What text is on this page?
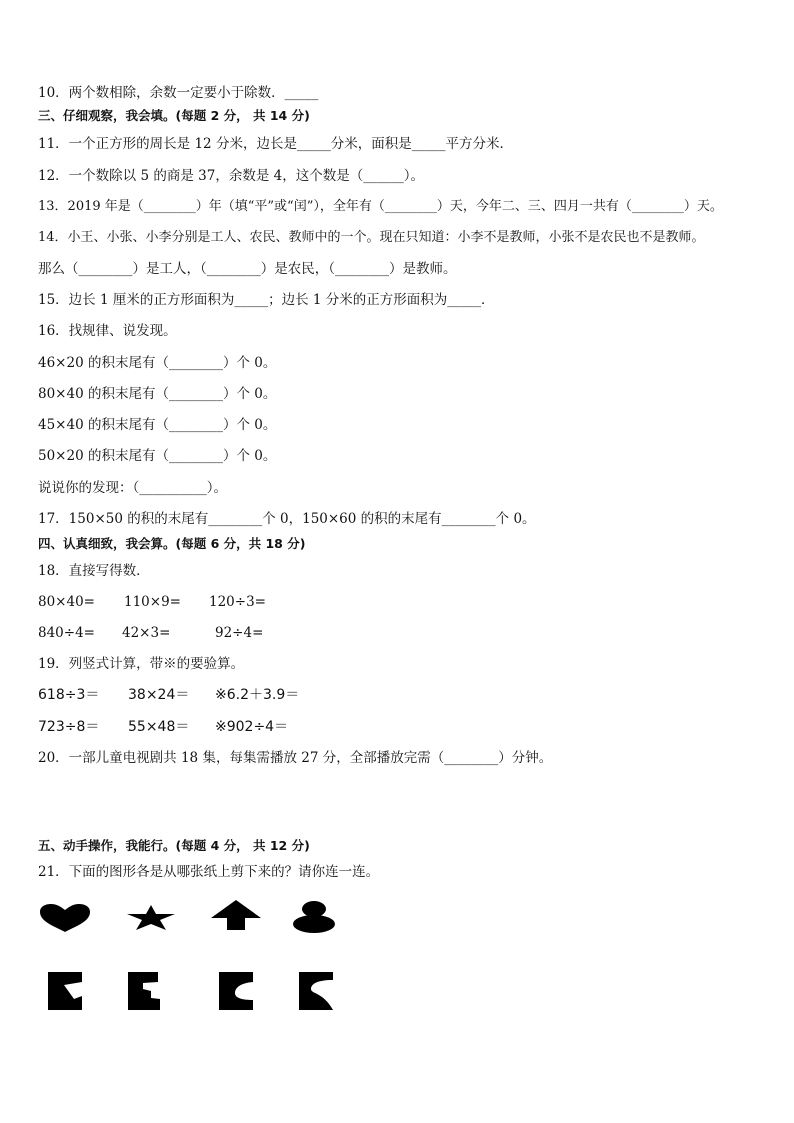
10．两个数相除，余数一定要小于除数．_____
三、仔细观察，我会填。(每题 2 分， 共 14 分)
11．一个正方形的周长是 12 分米，边长是_____分米，面积是_____平方分米．
12．一个数除以 5 的商是 37，余数是 4，这个数是（______）。
13．2019 年是（________）年（填“平”或“闰”），全年有（________）天，今年二、三、四月一共有（________）天。
14．小王、小张、小李分别是工人、农民、教师中的一个。现在只知道：小李不是教师，小张不是农民也不是教师。
那么（________）是工人，（________）是农民，（________）是教师。
15．边长 1 厘米的正方形面积为_____；边长 1 分米的正方形面积为_____．
16．找规律、说发现。
46×20 的积末尾有（________）个 0。
80×40 的积末尾有（________）个 0。
45×40 的积末尾有（________）个 0。
50×20 的积末尾有（________）个 0。
说说你的发现：（__________）。
17．150×50 的积的末尾有________个 0，150×60 的积的末尾有________个 0。
四、认真细致，我会算。(每题 6 分，共 18 分)
18．直接写得数．
80×40= 110×9= 120÷3=
840÷4= 42×3=	92÷4=
19．列竖式计算，带※的要验算。
618÷3＝ 38×24＝ ※6.2＋3.9＝
723÷8＝ 55×48＝ ※902÷4＝
20．一部儿童电视剧共 18 集，每集需播放 27 分，全部播放完需（________）分钟。
五、动手操作，我能行。(每题 4 分， 共 12 分)
21．下面的图形各是从哪张纸上剪下来的？请你连一连。
